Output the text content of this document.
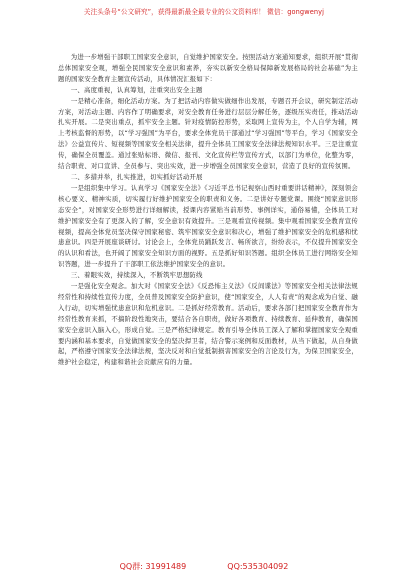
关注头条号“公文研究”，获得最新最全最专业的公文资料库！ 微信：gongwenyj

为进一步增强干部职工国家安全意识，自觉维护国家安全。按照活动方案通知要求，组织开展“贯彻总体国家安全观，增强全民国家安全意识和素养，夯实以新安全格局保障新发展格局的社会基础”为主题的国家安全教育主题宣传活动，具体情况汇报如下：

一、高度重视，认真筹划，注重突出安全主题

一是精心准备，细化活动方案。为了把活动内容做实做细作出发展，专题召开会议，研究制定活动方案，对活动主题、内容作了明确要求，对安全教育任务进行层层分解任务，逐级压实责任，推动活动扎实开展。二是突出重点，抓牢安全主题。针对疫情防控形势，采取网上宣传为主，个人自学为辅，网上考核监督的形势，以“学习强国”为平台，要求全体党员干部通过“学习强国”等平台，学习《国家安全法》公益宣传片、短视频等国家安全相关法律，提升全体员工国家安全法律法规知识水平。三是注重宣传，确保全员覆盖。通过张贴标语、微信、报刊、文化宣传栏等宣传方式，以部门为单位，化整为零，结合职责、对口宣讲、全员参与、突出实效，进一步增强全员国家安全意识，营造了良好的宣传氛围。

二、多措并举，扎实推进，切实抓好活动开展

一是组织集中学习。认真学习《国家安全法》《习近平总书记视察山西时重要讲话精神》，深刻领会核心要义、精神实质，切实履行好维护国家安全的职责和义务。二是讲好专题党课。围绕“国家意识形态安全”，对国家安全形势进行详细解读，授课内容紧贴当前形势、事例详实，通俗易懂，全体员工对维护国家安全有了更深入的了解，安全意识有效提升。三是观看宣传视频。集中观看国家安全教育宣传视频，提高全体党员坚决保守国家秘密、筑牢国家安全意识和决心，增强了维护国家安全的危机感和忧患意识。四是开展座谈研讨。讨论会上，全体党员踊跃发言、畅所欲言，纷纷表示，不仅提升国家安全的认识和看法，也开阔了国家安全知识方面的视野。五是抓好知识答题。组织全体员工进行网络安全知识答题，进一步提升了干部职工依法维护国家安全的意识。

三、着眼实效，持续深入，不断筑牢思想防线

一是强化安全观念。加大对《国家安全法》《反恐怖主义法》《反间谍法》等国家安全相关法律法规经常性和持续性宣传力度，全员普及国家安全防护意识，使“国家安全，人人有责”的观念成为自觉、融入行动，切实增强忧患意识和危机意识。二是抓好经常教育。活动后，要求各部门把国家安全教育作为经常性教育来抓，不搞阶段性地突击，要结合各自职责，做好各项教育、持续教育、延伸教育，确保国家安全意识入脑入心，形成自觉。三是严格纪律规定。教育引导全体员工深入了解和掌握国家安全观重要内涵和基本要求，自觉做国家安全的坚决捍卫者，结合警示案例和反面教材，从当下做起，从自身做起，严格遵守国家安全法律法规，坚决反对和自觉抵制损害国家安全的言论及行为，为保卫国家安全，维护社会稳定，构建和谐社会贡献应有的力量。

QQ群: 31991489	QQ:535304092
